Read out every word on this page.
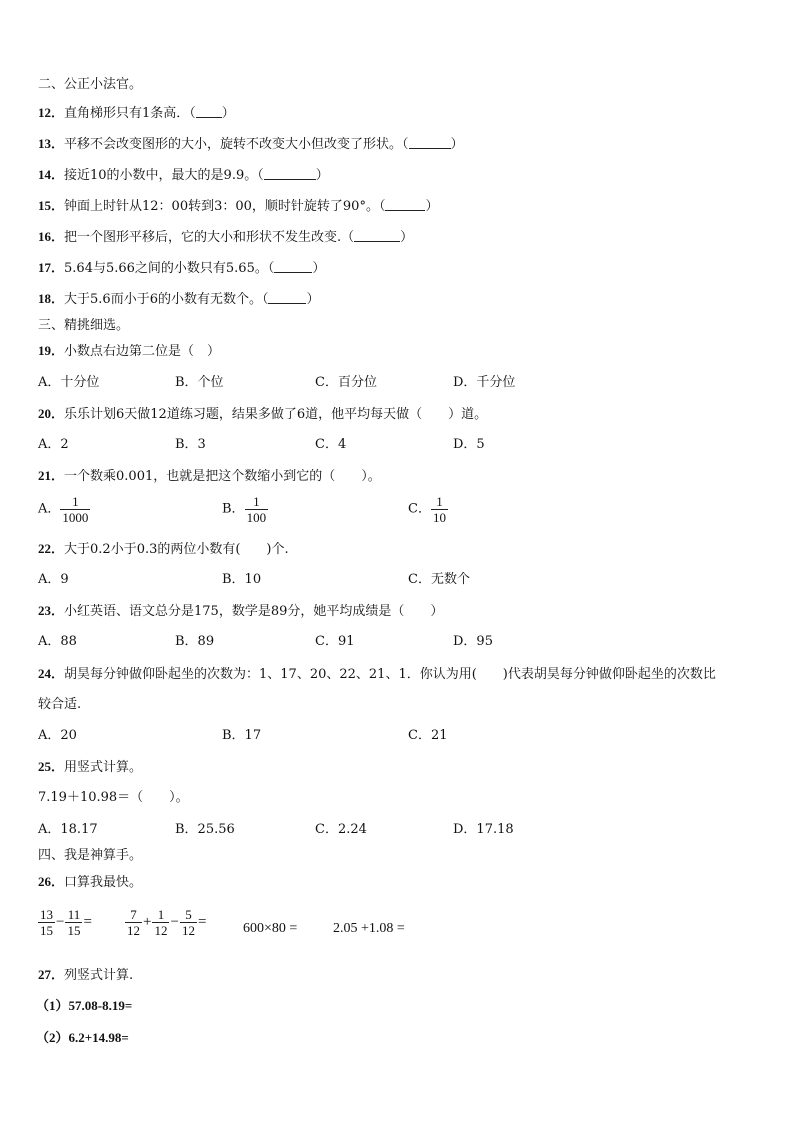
二、公正小法官。
12．直角梯形只有1条高．（ ）
13．平移不会改变图形的大小，旋转不改变大小但改变了形状。（	）
14．接近10的小数中，最大的是9.9。（	）
15．钟面上时针从12：00转到3：00，顺时针旋转了90°。（	）
16．把一个图形平移后，它的大小和形状不发生改变.（	）
17．5.64与5.66之间的小数只有5.65。（	）
18．大于5.6而小于6的小数有无数个。（	）
三、精挑细选。
19．小数点右边第二位是（　）
A．十分位	B．个位	C．百分位	D．千分位
20．乐乐计划6天做12道练习题，结果多做了6道，他平均每天做（　　）道。
A．2	B．3	C．4	D．5
21．一个数乘0.001，也就是把这个数缩小到它的（　　）。
A． $\frac{1}{1000}$	B． $\frac{1}{100}$	C． $\frac{1}{10}$
22．大于0.2小于0.3的两位小数有(　　)个.
A．9	B．10	C．无数个
23．小红英语、语文总分是175，数学是89分，她平均成绩是（　　）
A．88	B．89	C．91	D．95
24．胡昊每分钟做仰卧起坐的次数为：1、17、20、22、21、1．你认为用(　　)代表胡昊每分钟做仰卧起坐的次数比
较合适.
A．20	B．17	C．21
25．用竖式计算。
7.19＋10.98＝（　　）。
A．18.17	B．25.56	C．2.24	D．17.18
四、我是神算手。
26．口算我最快。
$\frac{13}{15} - \frac{11}{15}$ =	$\frac{7}{12} + \frac{1}{12} - \frac{5}{12}$ =	600×80 =	2.05 +1.08 =
27．列竖式计算.
（1）57.08-8.19=
（2）6.2+14.98=
